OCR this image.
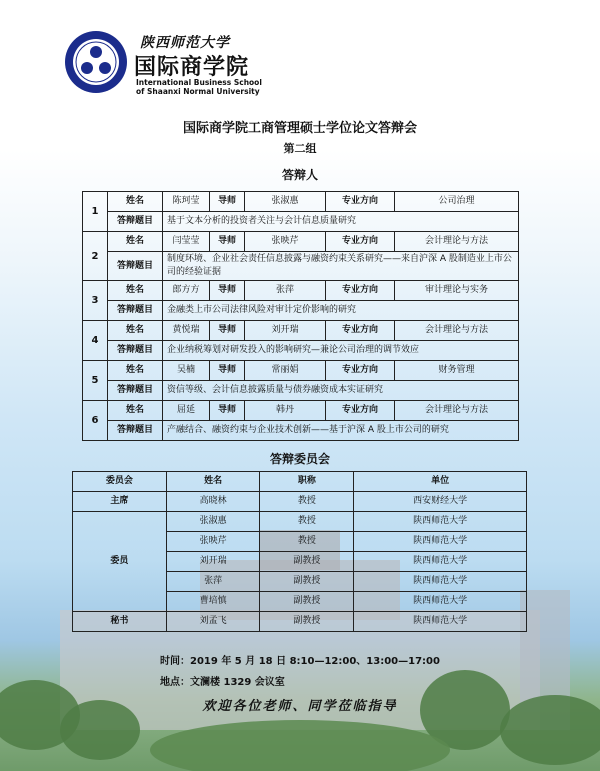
陕西师范大学
国际商学院
International Business School
of Shaanxi Normal University
国际商学院工商管理硕士学位论文答辩会
第二组
答辩人
1	姓名	陈珂莹	导师	张淑惠	专业方向	公司治理
	答辩题目	基于文本分析的投资者关注与会计信息质量研究				
2	姓名	闫莹莹	导师	张映芹	专业方向	会计理论与方法
	答辩题目	制度环境、企业社会责任信息披露与融资约束关系研究——来自沪深 A 股制造业上市公司的经验证据				
3	姓名	郎方方	导师	张萍	专业方向	审计理论与实务
	答辩题目	金融类上市公司法律风险对审计定价影响的研究				
4	姓名	黄悦瑞	导师	刘开瑞	专业方向	会计理论与方法
	答辩题目	企业纳税筹划对研发投入的影响研究—兼论公司治理的调节效应				
5	姓名	吴楠	导师	常丽娟	专业方向	财务管理
	答辩题目	资信等级、会计信息披露质量与债券融资成本实证研究				
6	姓名	屈延	导师	韩丹	专业方向	会计理论与方法
	答辩题目	产融结合、融资约束与企业技术创新——基于沪深 A 股上市公司的研究				
答辩委员会
委员会	姓名	职称	单位
主席	高晓林	教授	西安财经大学
委员	张淑惠	教授	陕西师范大学
	张映芹	教授	陕西师范大学
	刘开瑞	副教授	陕西师范大学
	张萍	副教授	陕西师范大学
	曹培慎	副教授	陕西师范大学
秘书	刘孟飞	副教授	陕西师范大学
时间：2019 年 5 月 18 日 8:10—12:00、13:00—17:00
地点：文澜楼 1329 会议室
欢迎各位老师、同学莅临指导
